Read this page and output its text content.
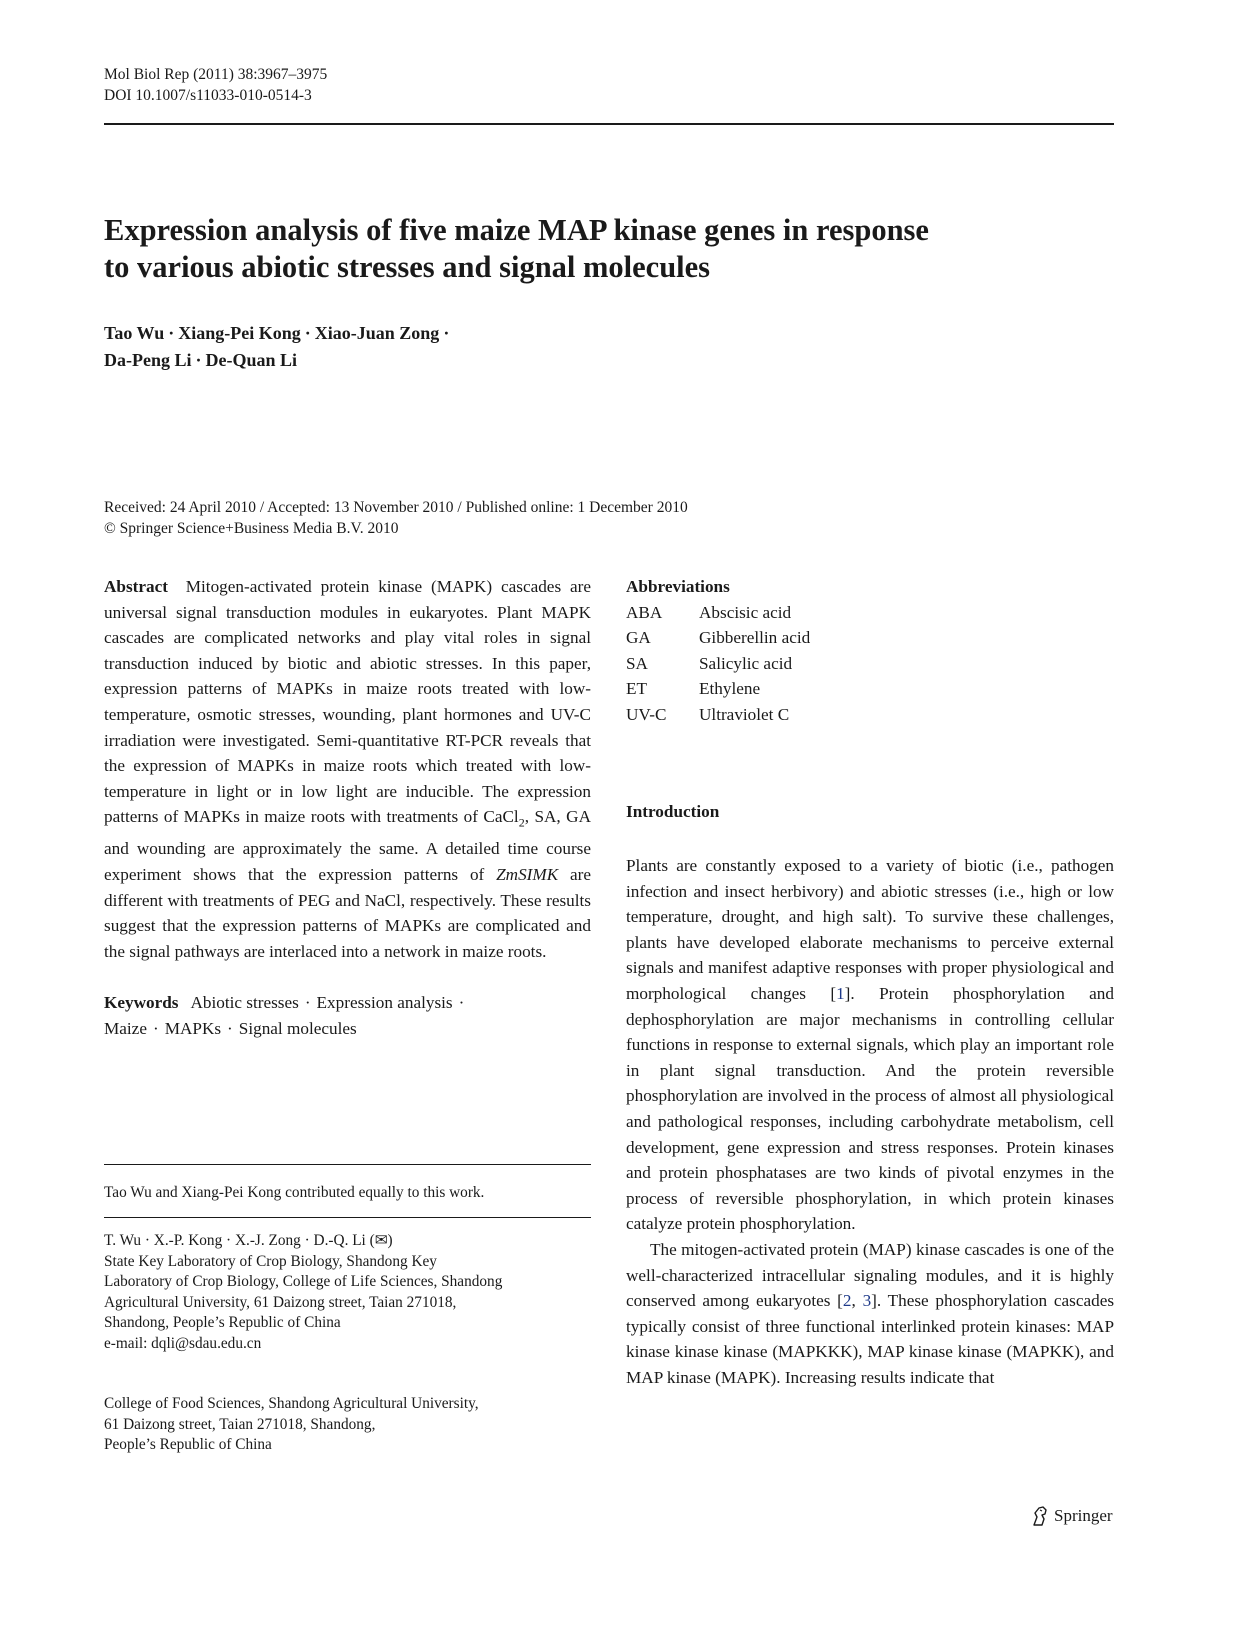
Mol Biol Rep (2011) 38:3967–3975
DOI 10.1007/s11033-010-0514-3
Expression analysis of five maize MAP kinase genes in response
to various abiotic stresses and signal molecules
Tao Wu · Xiang-Pei Kong · Xiao-Juan Zong ·
Da-Peng Li · De-Quan Li
Received: 24 April 2010 / Accepted: 13 November 2010 / Published online: 1 December 2010
© Springer Science+Business Media B.V. 2010

Abstract Mitogen-activated protein kinase (MAPK) cascades are universal signal transduction modules in eukaryotes. Plant MAPK cascades are complicated networks and play vital roles in signal transduction induced by biotic and abiotic stresses. In this paper, expression patterns of MAPKs in maize roots treated with low-temperature, osmotic stresses, wounding, plant hormones and UV-C irradiation were investigated. Semi-quantitative RT-PCR reveals that the expression of MAPKs in maize roots which treated with low-temperature in light or in low light are inducible. The expression patterns of MAPKs in maize roots with treatments of CaCl$_2$, SA, GA and wounding are approximately the same. A detailed time course experiment shows that the expression patterns of ZmSIMK are different with treatments of PEG and NaCl, respectively. These results suggest that the expression patterns of MAPKs are complicated and the signal pathways are interlaced into a network in maize roots.

Keywords Abiotic stresses · Expression analysis ·
Maize · MAPKs · Signal molecules

Tao Wu and Xiang-Pei Kong contributed equally to this work.
T. Wu · X.-P. Kong · X.-J. Zong · D.-Q. Li (✉)
State Key Laboratory of Crop Biology, Shandong Key
Laboratory of Crop Biology, College of Life Sciences, Shandong
Agricultural University, 61 Daizong street, Taian 271018,
Shandong, People’s Republic of China
e-mail: dqli@sdau.edu.cn
College of Food Sciences, Shandong Agricultural University,
61 Daizong street, Taian 271018, Shandong,
People’s Republic of China
Abbreviations
ABA	Abscisic acid
GA	Gibberellin acid
SA	Salicylic acid
ET	Ethylene
UV-C	Ultraviolet C
Introduction

Plants are constantly exposed to a variety of biotic (i.e., pathogen infection and insect herbivory) and abiotic stresses (i.e., high or low temperature, drought, and high salt). To survive these challenges, plants have developed elaborate mechanisms to perceive external signals and manifest adaptive responses with proper physiological and morphological changes [1]. Protein phosphorylation and dephosphorylation are major mechanisms in controlling cellular functions in response to external signals, which play an important role in plant signal transduction. And the protein reversible phosphorylation are involved in the process of almost all physiological and pathological responses, including carbohydrate metabolism, cell development, gene expression and stress responses. Protein kinases and protein phosphatases are two kinds of pivotal enzymes in the process of reversible phosphorylation, in which protein kinases catalyze protein phosphorylation.

The mitogen-activated protein (MAP) kinase cascades is one of the well-characterized intracellular signaling modules, and it is highly conserved among eukaryotes [2, 3]. These phosphorylation cascades typically consist of three functional interlinked protein kinases: MAP kinase kinase kinase (MAPKKK), MAP kinase kinase (MAPKK), and MAP kinase (MAPK). Increasing results indicate that

Springer
